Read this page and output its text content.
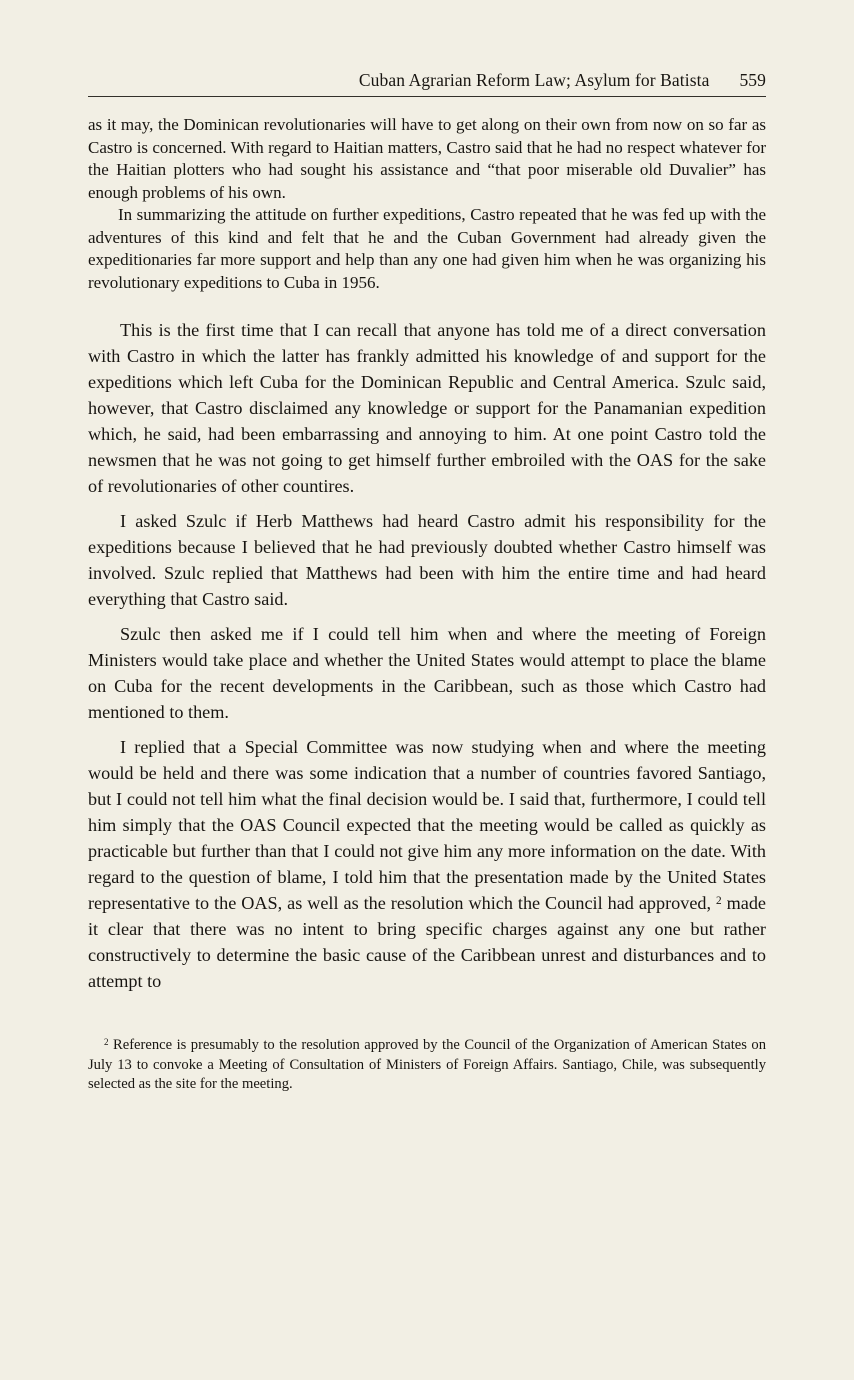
Cuban Agrarian Reform Law; Asylum for Batista 559

as it may, the Dominican revolutionaries will have to get along on their own from now on so far as Castro is concerned. With regard to Haitian matters, Castro said that he had no respect whatever for the Haitian plotters who had sought his assistance and “that poor miserable old Duvalier” has enough problems of his own.

In summarizing the attitude on further expeditions, Castro repeated that he was fed up with the adventures of this kind and felt that he and the Cuban Government had already given the expeditionaries far more support and help than any one had given him when he was organizing his revolutionary expeditions to Cuba in 1956.

This is the first time that I can recall that anyone has told me of a direct conversation with Castro in which the latter has frankly admitted his knowledge of and support for the expeditions which left Cuba for the Dominican Republic and Central America. Szulc said, however, that Castro disclaimed any knowledge or support for the Panamanian expedition which, he said, had been embarrassing and annoying to him. At one point Castro told the newsmen that he was not going to get himself further embroiled with the OAS for the sake of revolutionaries of other countires.

I asked Szulc if Herb Matthews had heard Castro admit his responsibility for the expeditions because I believed that he had previously doubted whether Castro himself was involved. Szulc replied that Matthews had been with him the entire time and had heard everything that Castro said.

Szulc then asked me if I could tell him when and where the meeting of Foreign Ministers would take place and whether the United States would attempt to place the blame on Cuba for the recent developments in the Caribbean, such as those which Castro had mentioned to them.

I replied that a Special Committee was now studying when and where the meeting would be held and there was some indication that a number of countries favored Santiago, but I could not tell him what the final decision would be. I said that, furthermore, I could tell him simply that the OAS Council expected that the meeting would be called as quickly as practicable but further than that I could not give him any more information on the date. With regard to the question of blame, I told him that the presentation made by the United States representative to the OAS, as well as the resolution which the Council had approved, $^2$ made it clear that there was no intent to bring specific charges against any one but rather constructively to determine the basic cause of the Caribbean unrest and disturbances and to attempt to

$^2$ Reference is presumably to the resolution approved by the Council of the Organization of American States on July 13 to convoke a Meeting of Consultation of Ministers of Foreign Affairs. Santiago, Chile, was subsequently selected as the site for the meeting.
